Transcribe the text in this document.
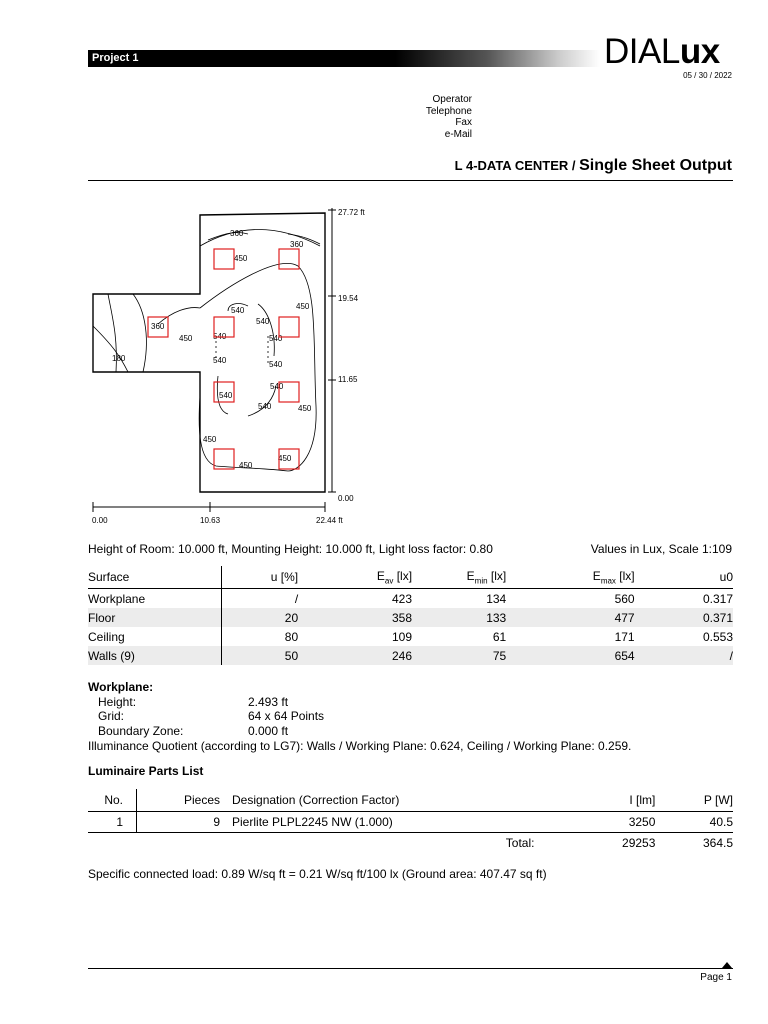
Project 1	DIALux
05 / 30 / 2022
Operator
Telephone
Fax
e-Mail
L 4-DATA CENTER / Single Sheet Output
27.72 ft
19.54
11.65
0.00
0.00	10.63	22.44 ft
360
360
450
450
360
450
540
540
540	540
540	540
540
540
540	450
450
450
450
180
Height of Room: 10.000 ft, Mounting Height: 10.000 ft, Light loss factor: 0.80	Values in Lux, Scale 1:109
Surface	u [%]	$E_{av}$ [lx]	$E_{min}$ [lx]	$E_{max}$ [lx]	u0
Workplane	/	423	134	560	0.317
Floor	20	358	133	477	0.371
Ceiling	80	109	61	171	0.553
Walls (9)	50	246	75	654	/
Workplane:
Height:	2.493 ft
Grid:	64 x 64 Points
Boundary Zone:	0.000 ft
Illuminance Quotient (according to LG7): Walls / Working Plane: 0.624, Ceiling / Working Plane: 0.259.
Luminaire Parts List
No.	Pieces	Designation (Correction Factor)	I [lm]	P [W]
1	9	Pierlite PLPL2245 NW (1.000)	3250	40.5
Total:			29253	364.5
Specific connected load: 0.89 W/sq ft = 0.21 W/sq ft/100 lx (Ground area: 407.47 sq ft)
Page 1
